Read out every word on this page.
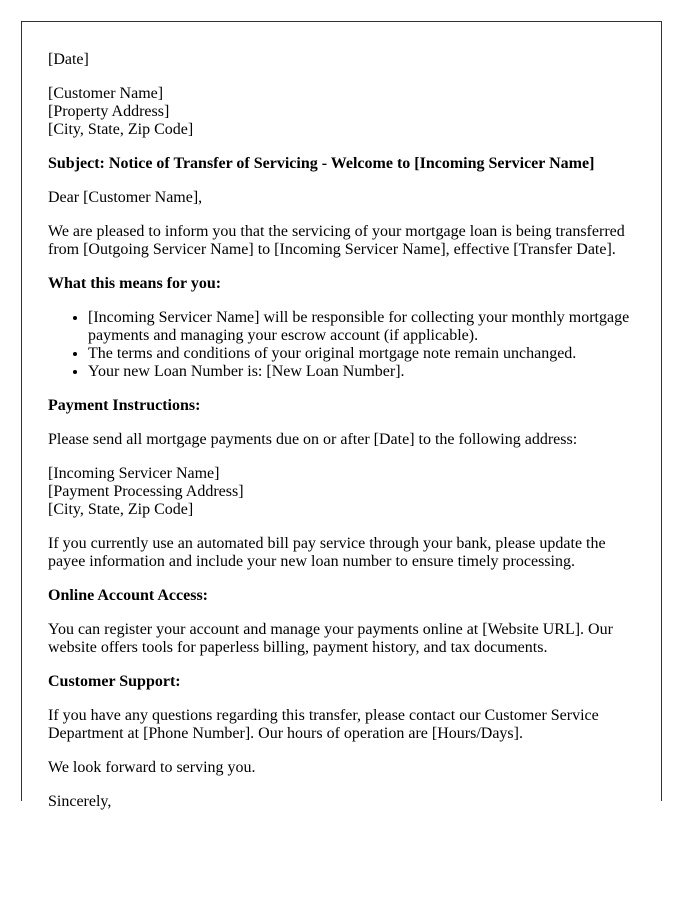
[Date]

[Customer Name]
[Property Address]
[City, State, Zip Code]

Subject: Notice of Transfer of Servicing - Welcome to [Incoming Servicer Name]

Dear [Customer Name],

We are pleased to inform you that the servicing of your mortgage loan is being transferred from [Outgoing Servicer Name] to [Incoming Servicer Name], effective [Transfer Date].

What this means for you:

• [Incoming Servicer Name] will be responsible for collecting your monthly mortgage payments and managing your escrow account (if applicable).
• The terms and conditions of your original mortgage note remain unchanged.
• Your new Loan Number is: [New Loan Number].

Payment Instructions:

Please send all mortgage payments due on or after [Date] to the following address:

[Incoming Servicer Name]
[Payment Processing Address]
[City, State, Zip Code]

If you currently use an automated bill pay service through your bank, please update the payee information and include your new loan number to ensure timely processing.

Online Account Access:

You can register your account and manage your payments online at [Website URL]. Our website offers tools for paperless billing, payment history, and tax documents.

Customer Support:

If you have any questions regarding this transfer, please contact our Customer Service Department at [Phone Number]. Our hours of operation are [Hours/Days].

We look forward to serving you.

Sincerely,
